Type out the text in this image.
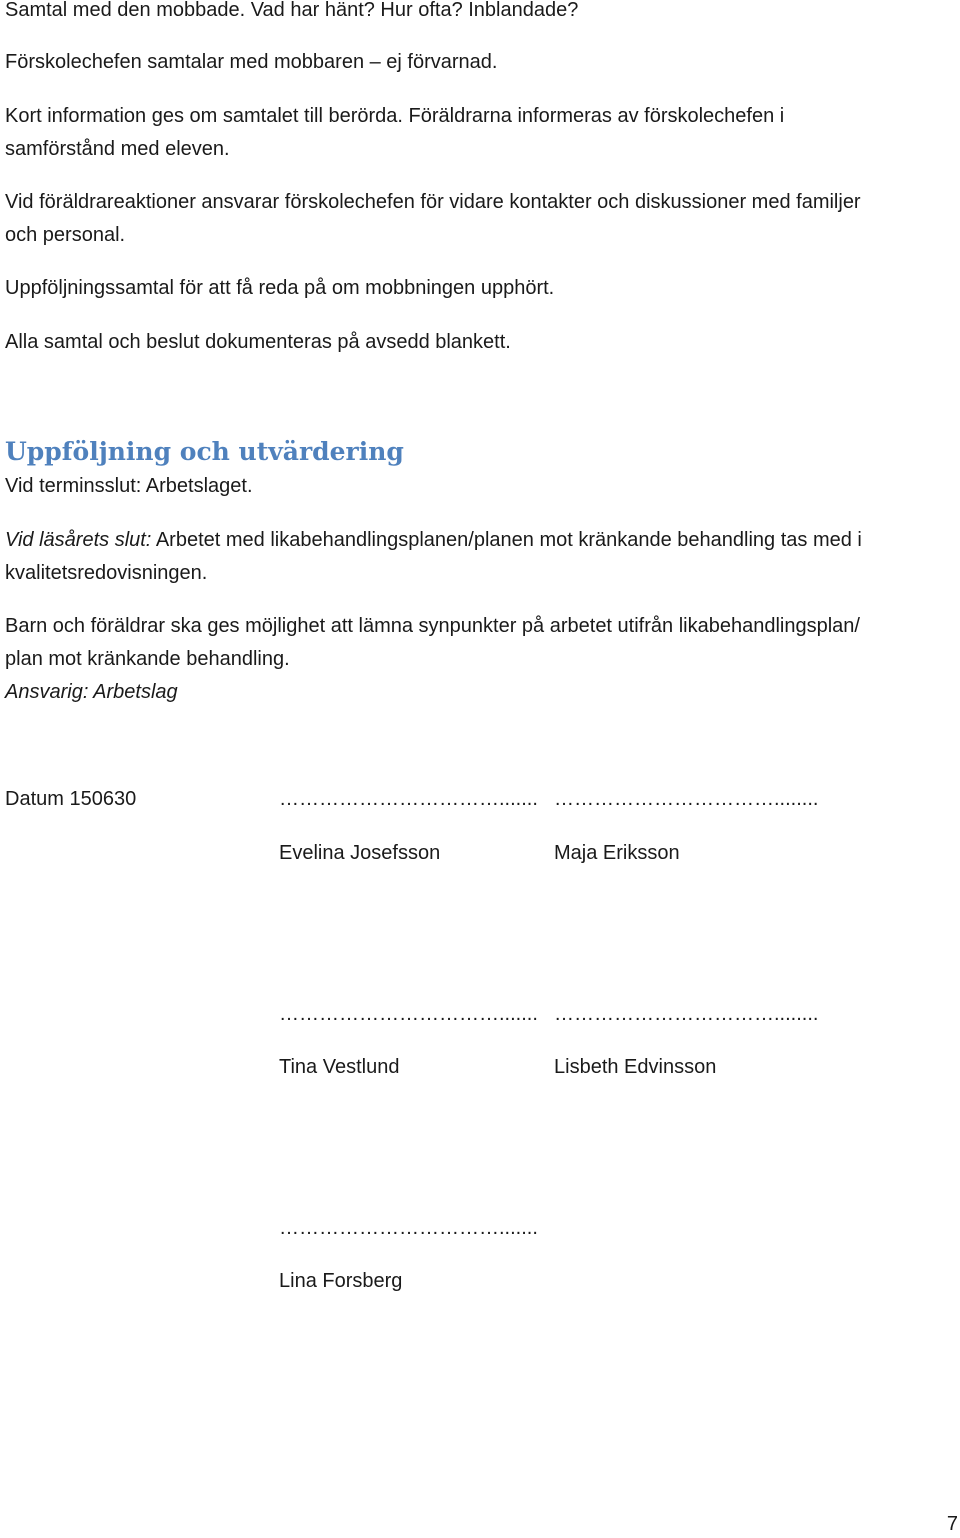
Samtal med den mobbade. Vad har hänt? Hur ofta? Inblandade?

Förskolechefen samtalar med mobbaren – ej förvarnad.

Kort information ges om samtalet till berörda. Föräldrarna informeras av förskolechefen i

samförstånd med eleven.

Vid föräldrareaktioner ansvarar förskolechefen för vidare kontakter och diskussioner med familjer

och personal.

Uppföljningssamtal för att få reda på om mobbningen upphört.

Alla samtal och beslut dokumenteras på avsedd blankett.

Uppföljning och utvärdering

Vid terminsslut: Arbetslaget.

Vid läsårets slut: Arbetet med likabehandlingsplanen/planen mot kränkande behandling tas med i

kvalitetsredovisningen.

Barn och föräldrar ska ges möjlighet att lämna synpunkter på arbetet utifrån likabehandlingsplan/

plan mot kränkande behandling.

Ansvarig: Arbetslag

Datum 150630	……………………………....... ……………………………........

Evelina Josefsson	Maja Eriksson

……………………………....... ……………………………........

Tina Vestlund	Lisbeth Edvinsson

…………………………….......

Lina Forsberg

7
